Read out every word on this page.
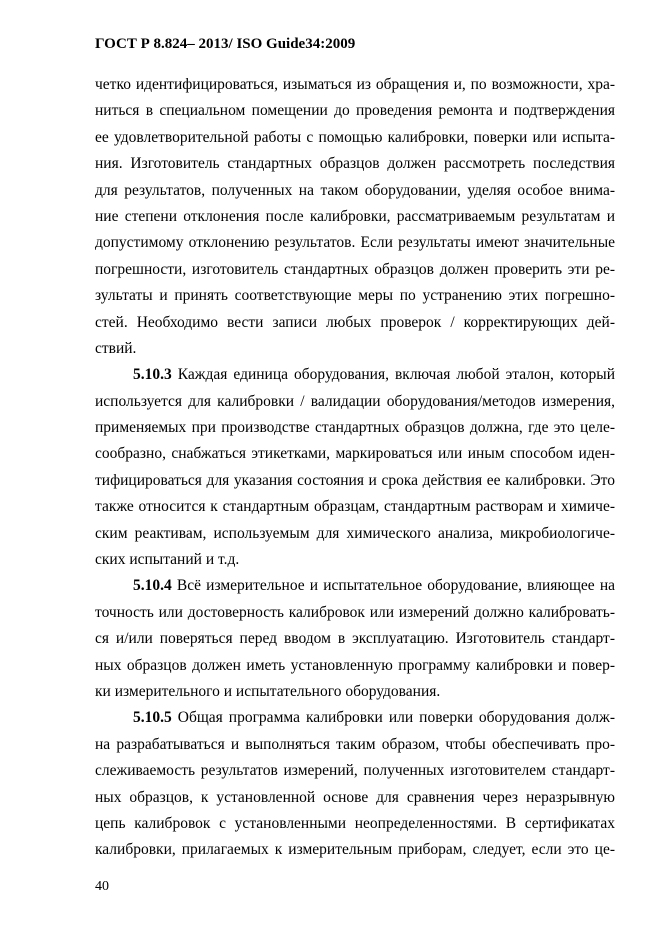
ГОСТ Р 8.824– 2013/ ISO Guide34:2009
четко идентифицироваться, изыматься из обращения и, по возможности, хра-
ниться в специальном помещении до проведения ремонта и подтверждения
ее удовлетворительной работы с помощью калибровки, поверки или испыта-
ния. Изготовитель стандартных образцов должен рассмотреть последствия
для результатов, полученных на таком оборудовании, уделяя особое внима-
ние степени отклонения после калибровки, рассматриваемым результатам и
допустимому отклонению результатов. Если результаты имеют значительные
погрешности, изготовитель стандартных образцов должен проверить эти ре-
зультаты и принять соответствующие меры по устранению этих погрешно-
стей. Необходимо вести записи любых проверок / корректирующих дей-
ствий.
5.10.3 Каждая единица оборудования, включая любой эталон, который
используется для калибровки / валидации оборудования/методов измерения,
применяемых при производстве стандартных образцов должна, где это целе-
сообразно, снабжаться этикетками, маркироваться или иным способом иден-
тифицироваться для указания состояния и срока действия ее калибровки. Это
также относится к стандартным образцам, стандартным растворам и химиче-
ским реактивам, используемым для химического анализа, микробиологиче-
ских испытаний и т.д.
5.10.4 Всё измерительное и испытательное оборудование, влияющее на
точность или достоверность калибровок или измерений должно калибровать-
ся и/или поверяться перед вводом в эксплуатацию. Изготовитель стандарт-
ных образцов должен иметь установленную программу калибровки и повер-
ки измерительного и испытательного оборудования.
5.10.5 Общая программа калибровки или поверки оборудования долж-
на разрабатываться и выполняться таким образом, чтобы обеспечивать про-
слеживаемость результатов измерений, полученных изготовителем стандарт-
ных образцов, к установленной основе для сравнения через неразрывную
цепь калибровок с установленными неопределенностями. В сертификатах
калибровки, прилагаемых к измерительным приборам, следует, если это це-
40
